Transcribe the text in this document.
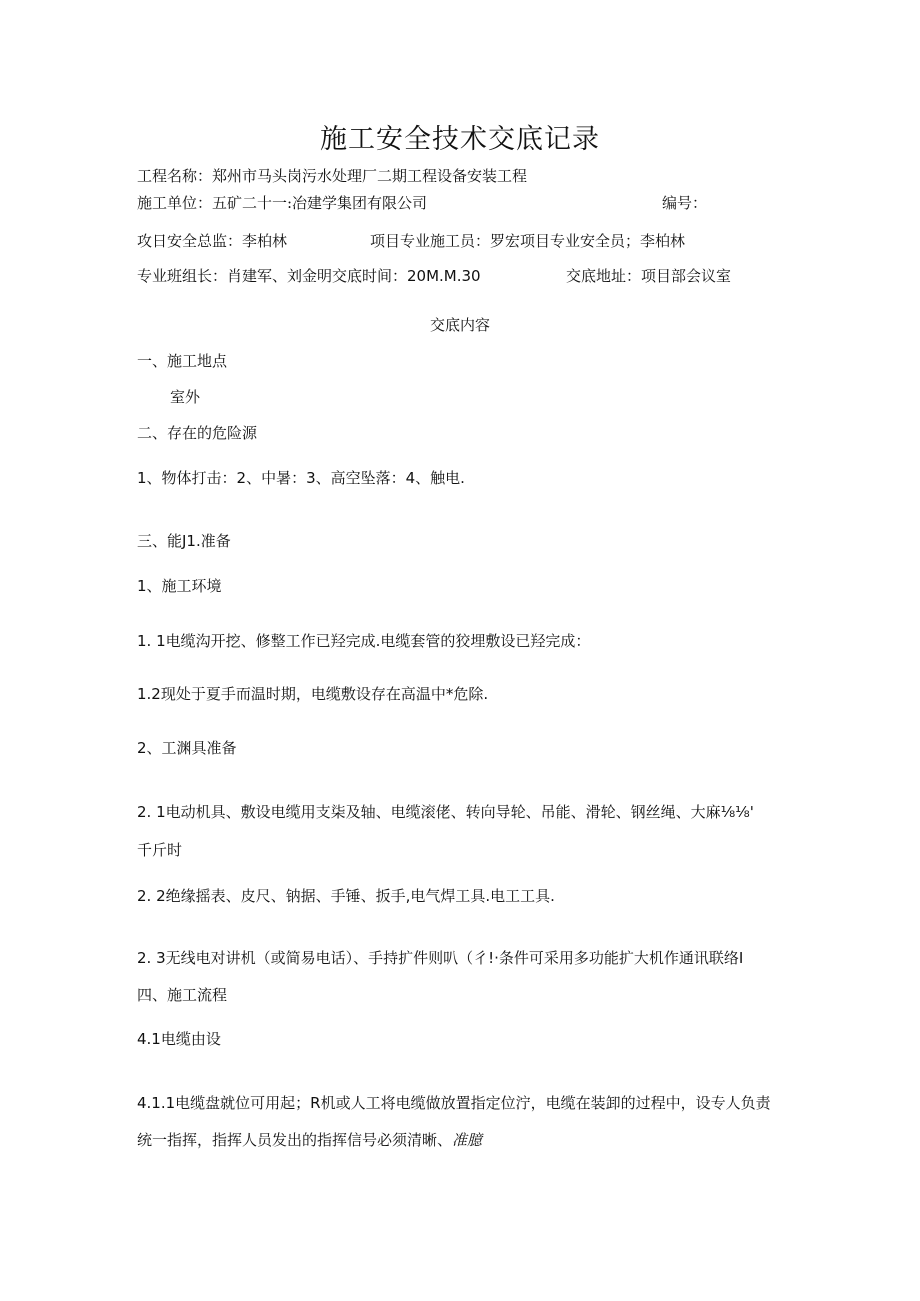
施工安全技术交底记录
工程名称：郑州市马头岗污水处理厂二期工程设备安装工程
施工单位：五矿二十一:冶建学集团有限公司	编号：
攻日安全总监：李柏林	项目专业施工员：罗宏项目专业安全员；李柏林
专业班组长：肖建军、刘金明交底时间：20M.M.30	交底地址：项目部会议室
交底内容
一、施工地点
室外
二、存在的危险源
1、物体打击：2、中暑：3、高空坠落：4、触电.
三、能J1.准备
1、施工环境
1. 1电缆沟开挖、修整工作已羟完成.电缆套管的狡埋敷设已羟完成：
1.2现处于夏手而温时期，电缆敷设存在高温中*危除.
2、工渊具准备
2. 1电动机具、敷设电缆用支柒及轴、电缆滚佬、转向导轮、吊能、滑轮、钢丝绳、大麻⅛⅛'
千斤时
2. 2绝缘摇表、皮尺、钠据、手锤、扳手,电气焊工具.电工工具.
2. 3无线电对讲机（或简易电话）、手持扩件则叭（彳!·条件可采用多功能扩大机作通讯联络I
四、施工流程
4.1电缆由设
4.1.1电缆盘就位可用起；R机或人工将电缆做放置指定位泞，电缆在装卸的过程中，设专人负责
统一指挥，指挥人员发出的指挥信号必须清晰、准臆
